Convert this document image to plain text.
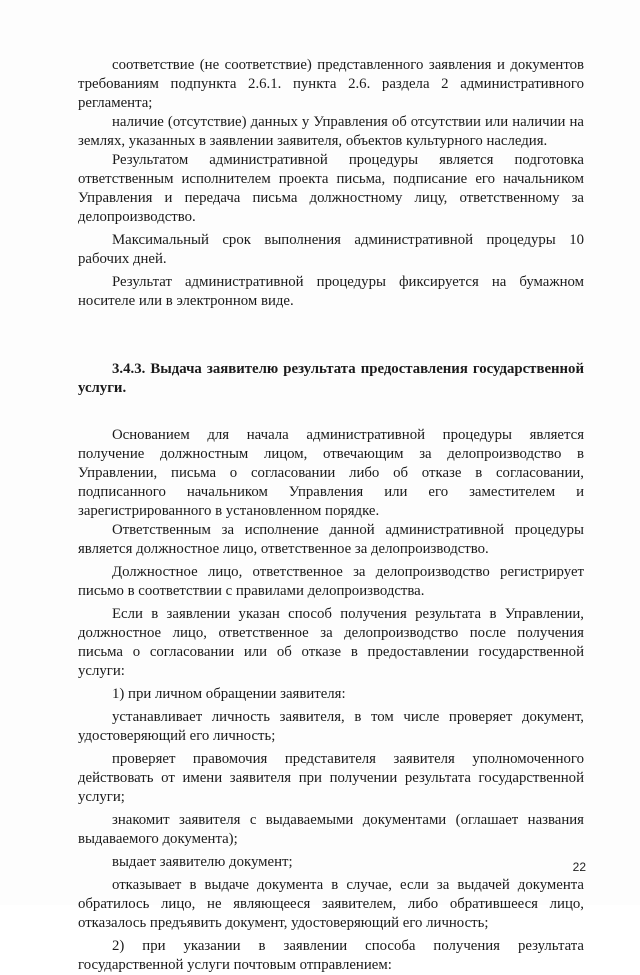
соответствие (не соответствие) представленного заявления и документов требованиям подпункта 2.6.1. пункта 2.6. раздела 2 административного регламента;

наличие (отсутствие) данных у Управления об отсутствии или наличии на землях, указанных в заявлении заявителя, объектов культурного наследия.

Результатом административной процедуры является подготовка ответственным исполнителем проекта письма, подписание его начальником Управления и передача письма должностному лицу, ответственному за делопроизводство.

Максимальный срок выполнения административной процедуры 10 рабочих дней.

Результат административной процедуры фиксируется на бумажном носителе или в электронном виде.

3.4.3. Выдача заявителю результата предоставления государственной услуги.

Основанием для начала административной процедуры является получение должностным лицом, отвечающим за делопроизводство в Управлении, письма о согласовании либо об отказе в согласовании, подписанного начальником Управления или его заместителем и зарегистрированного в установленном порядке.

Ответственным за исполнение данной административной процедуры является должностное лицо, ответственное за делопроизводство.

Должностное лицо, ответственное за делопроизводство регистрирует письмо в соответствии с правилами делопроизводства.

Если в заявлении указан способ получения результата в Управлении, должностное лицо, ответственное за делопроизводство после получения письма о согласовании или об отказе в предоставлении государственной услуги:

1) при личном обращении заявителя:

устанавливает личность заявителя, в том числе проверяет документ, удостоверяющий его личность;

проверяет правомочия представителя заявителя уполномоченного действовать от имени заявителя при получении результата государственной услуги;

знакомит заявителя с выдаваемыми документами (оглашает названия выдаваемого документа);

выдает заявителю документ;

отказывает в выдаче документа в случае, если за выдачей документа обратилось лицо, не являющееся заявителем, либо обратившееся лицо, отказалось предъявить документ, удостоверяющий его личность;

2) при указании в заявлении способа получения результата государственной услуги почтовым отправлением:

22
